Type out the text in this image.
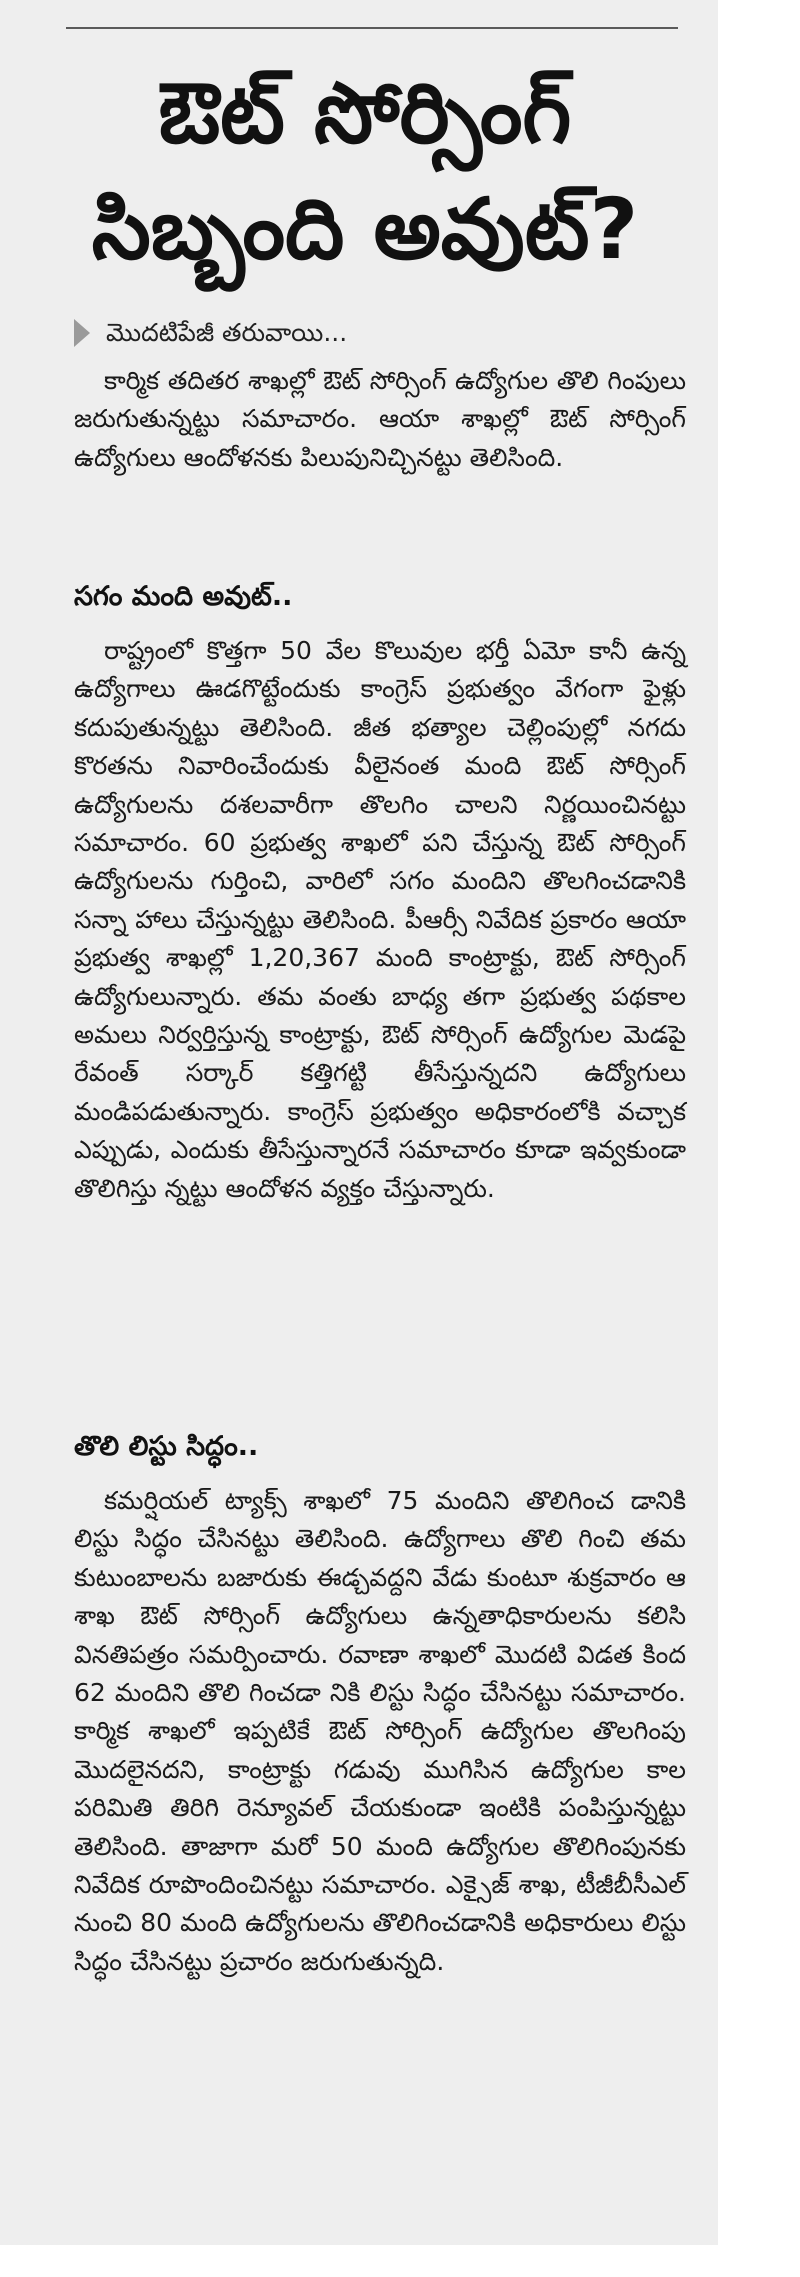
ఔట్ సోర్సింగ్
సిబ్బంది అవుట్?
మొదటిపేజీ తరువాయి...

కార్మిక తదితర శాఖల్లో ఔట్ సోర్సింగ్ ఉద్యోగుల తొలి గింపులు జరుగుతున్నట్టు సమాచారం. ఆయా శాఖల్లో ఔట్ సోర్సింగ్ ఉద్యోగులు ఆందోళనకు పిలుపునిచ్చినట్టు తెలిసింది.

సగం మంది అవుట్..

రాష్ట్రంలో కొత్తగా 50 వేల కొలువుల భర్తీ ఏమో కానీ ఉన్న ఉద్యోగాలు ఊడగొట్టేందుకు కాంగ్రెస్ ప్రభుత్వం వేగంగా ఫైళ్లు కదుపుతున్నట్టు తెలిసింది. జీత భత్యాల చెల్లింపుల్లో నగదు కొరతను నివారించేందుకు వీలైనంత మంది ఔట్ సోర్సింగ్ ఉద్యోగులను దశలవారీగా తొలగిం చాలని నిర్ణయించినట్టు సమాచారం. 60 ప్రభుత్వ శాఖలో పని చేస్తున్న ఔట్ సోర్సింగ్ ఉద్యోగులను గుర్తించి, వారిలో సగం మందిని తొలగించడానికి సన్నా హాలు చేస్తున్నట్టు తెలిసింది. పీఆర్సీ నివేదిక ప్రకారం ఆయా ప్రభుత్వ శాఖల్లో 1,20,367 మంది కాంట్రాక్టు, ఔట్ సోర్సింగ్ ఉద్యోగులున్నారు. తమ వంతు బాధ్య తగా ప్రభుత్వ పథకాల అమలు నిర్వర్తిస్తున్న కాంట్రాక్టు, ఔట్ సోర్సింగ్ ఉద్యోగుల మెడపై రేవంత్ సర్కార్ కత్తిగట్టి తీసేస్తున్నదని ఉద్యోగులు మండిపడుతున్నారు. కాంగ్రెస్ ప్రభుత్వం అధికారంలోకి వచ్చాక ఎప్పుడు, ఎందుకు తీసేస్తున్నారనే సమాచారం కూడా ఇవ్వకుండా తొలిగిస్తు న్నట్టు ఆందోళన వ్యక్తం చేస్తున్నారు.

తొలి లిస్టు సిద్ధం..

కమర్షియల్ ట్యాక్స్ శాఖలో 75 మందిని తొలిగించ డానికి లిస్టు సిద్ధం చేసినట్టు తెలిసింది. ఉద్యోగాలు తొలి గించి తమ కుటుంబాలను బజారుకు ఈడ్చవద్దని వేడు కుంటూ శుక్రవారం ఆ శాఖ ఔట్ సోర్సింగ్ ఉద్యోగులు ఉన్నతాధికారులను కలిసి వినతిపత్రం సమర్పించారు. రవాణా శాఖలో మొదటి విడత కింద 62 మందిని తొలి గించడా నికి లిస్టు సిద్ధం చేసినట్టు సమాచారం. కార్మిక శాఖలో ఇప్పటికే ఔట్ సోర్సింగ్ ఉద్యోగుల తొలగింపు మొదలైనదని, కాంట్రాక్టు గడువు ముగిసిన ఉద్యోగుల కాల పరిమితి తిరిగి రెన్యూవల్ చేయకుండా ఇంటికి పంపిస్తున్నట్టు తెలిసింది. తాజాగా మరో 50 మంది ఉద్యోగుల తొలిగింపునకు నివేదిక రూపొందించినట్టు సమాచారం. ఎక్సైజ్ శాఖ, టీజీబీసీఎల్ నుంచి 80 మంది ఉద్యోగులను తొలిగించడానికి అధికారులు లిస్టు సిద్ధం చేసినట్టు ప్రచారం జరుగుతున్నది.
